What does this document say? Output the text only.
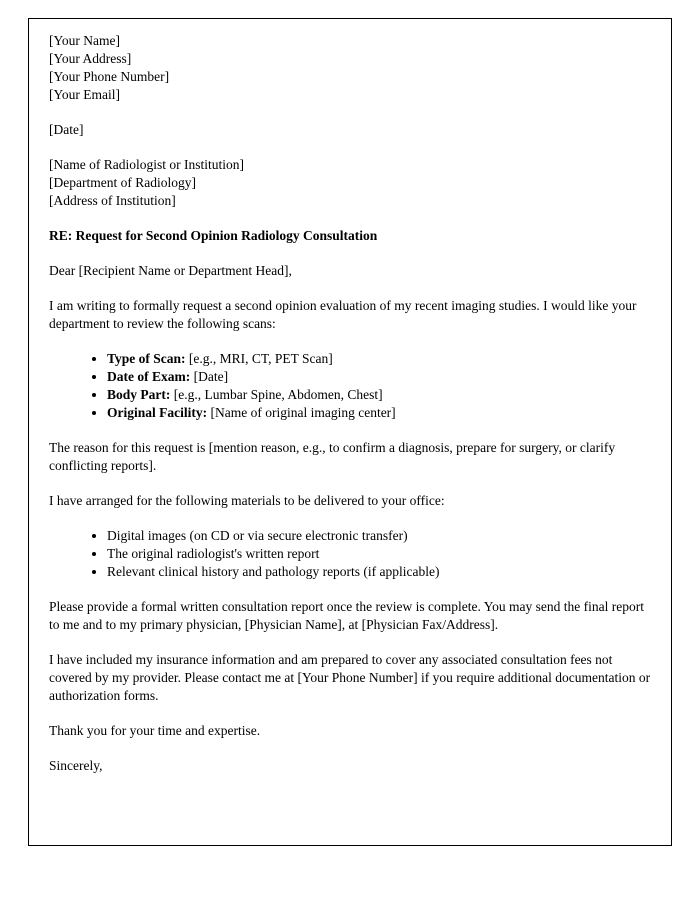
[Your Name]
[Your Address]
[Your Phone Number]
[Your Email]
[Date]
[Name of Radiologist or Institution]
[Department of Radiology]
[Address of Institution]
RE: Request for Second Opinion Radiology Consultation
Dear [Recipient Name or Department Head],
I am writing to formally request a second opinion evaluation of my recent imaging studies. I would like your department to review the following scans:
• Type of Scan: [e.g., MRI, CT, PET Scan]
• Date of Exam: [Date]
• Body Part: [e.g., Lumbar Spine, Abdomen, Chest]
• Original Facility: [Name of original imaging center]
The reason for this request is [mention reason, e.g., to confirm a diagnosis, prepare for surgery, or clarify conflicting reports].
I have arranged for the following materials to be delivered to your office:
• Digital images (on CD or via secure electronic transfer)
• The original radiologist's written report
• Relevant clinical history and pathology reports (if applicable)
Please provide a formal written consultation report once the review is complete. You may send the final report to me and to my primary physician, [Physician Name], at [Physician Fax/Address].
I have included my insurance information and am prepared to cover any associated consultation fees not covered by my provider. Please contact me at [Your Phone Number] if you require additional documentation or authorization forms.
Thank you for your time and expertise.
Sincerely,
